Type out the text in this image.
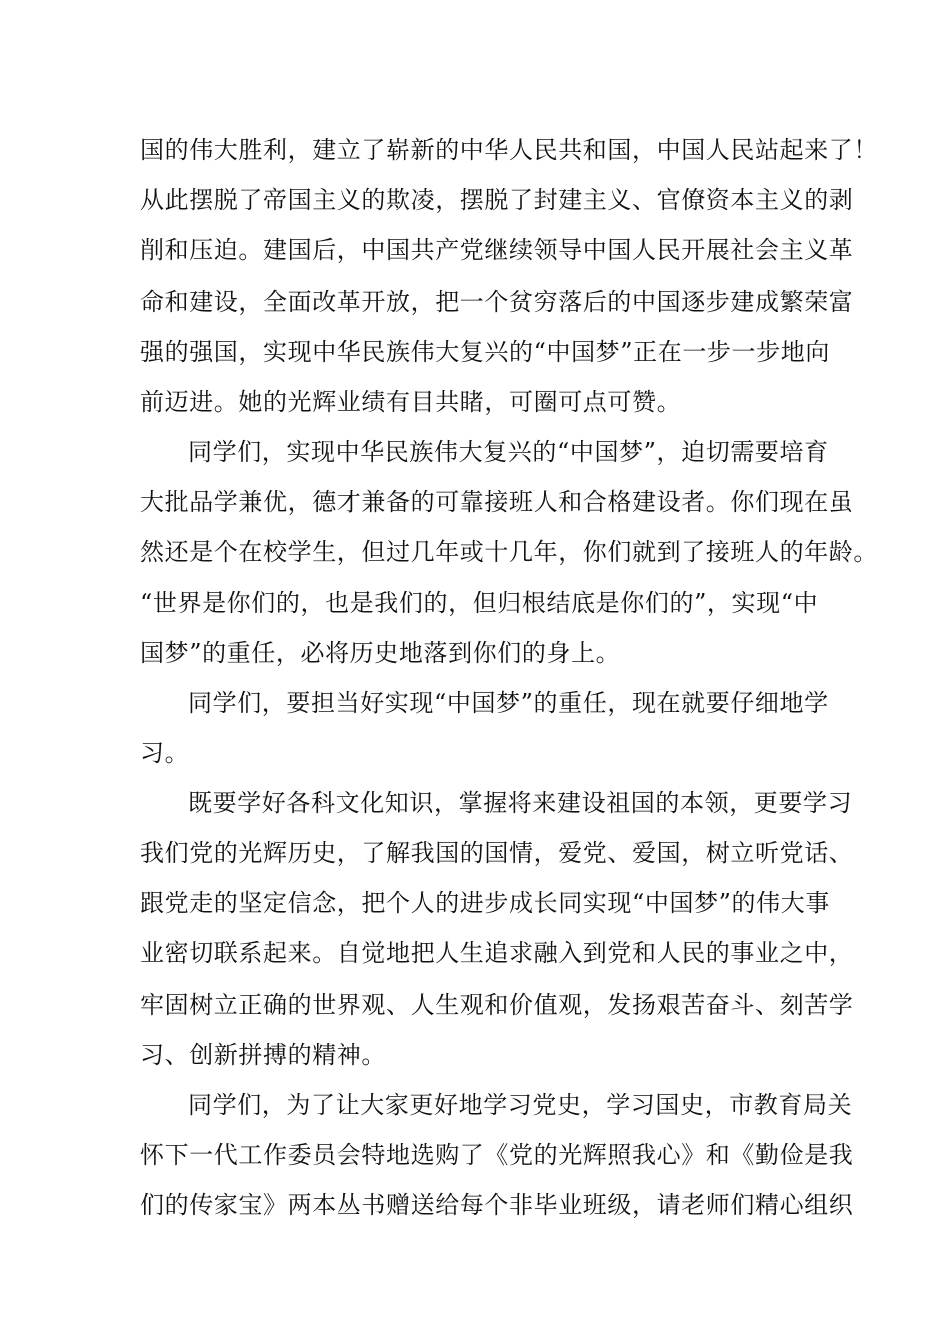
国的伟大胜利，建立了崭新的中华人民共和国，中国人民站起来了！
从此摆脱了帝国主义的欺凌，摆脱了封建主义、官僚资本主义的剥
削和压迫。建国后，中国共产党继续领导中国人民开展社会主义革
命和建设，全面改革开放，把一个贫穷落后的中国逐步建成繁荣富
强的强国，实现中华民族伟大复兴的“中国梦”正在一步一步地向
前迈进。她的光辉业绩有目共睹，可圈可点可赞。
同学们，实现中华民族伟大复兴的“中国梦”，迫切需要培育
大批品学兼优，德才兼备的可靠接班人和合格建设者。你们现在虽
然还是个在校学生，但过几年或十几年，你们就到了接班人的年龄。
“世界是你们的，也是我们的，但归根结底是你们的”，实现“中
国梦”的重任，必将历史地落到你们的身上。
同学们，要担当好实现“中国梦”的重任，现在就要仔细地学
习。
既要学好各科文化知识，掌握将来建设祖国的本领，更要学习
我们党的光辉历史，了解我国的国情，爱党、爱国，树立听党话、
跟党走的坚定信念，把个人的进步成长同实现“中国梦”的伟大事
业密切联系起来。自觉地把人生追求融入到党和人民的事业之中，
牢固树立正确的世界观、人生观和价值观，发扬艰苦奋斗、刻苦学
习、创新拼搏的精神。
同学们，为了让大家更好地学习党史，学习国史，市教育局关
怀下一代工作委员会特地选购了《党的光辉照我心》和《勤俭是我
们的传家宝》两本丛书赠送给每个非毕业班级，请老师们精心组织
